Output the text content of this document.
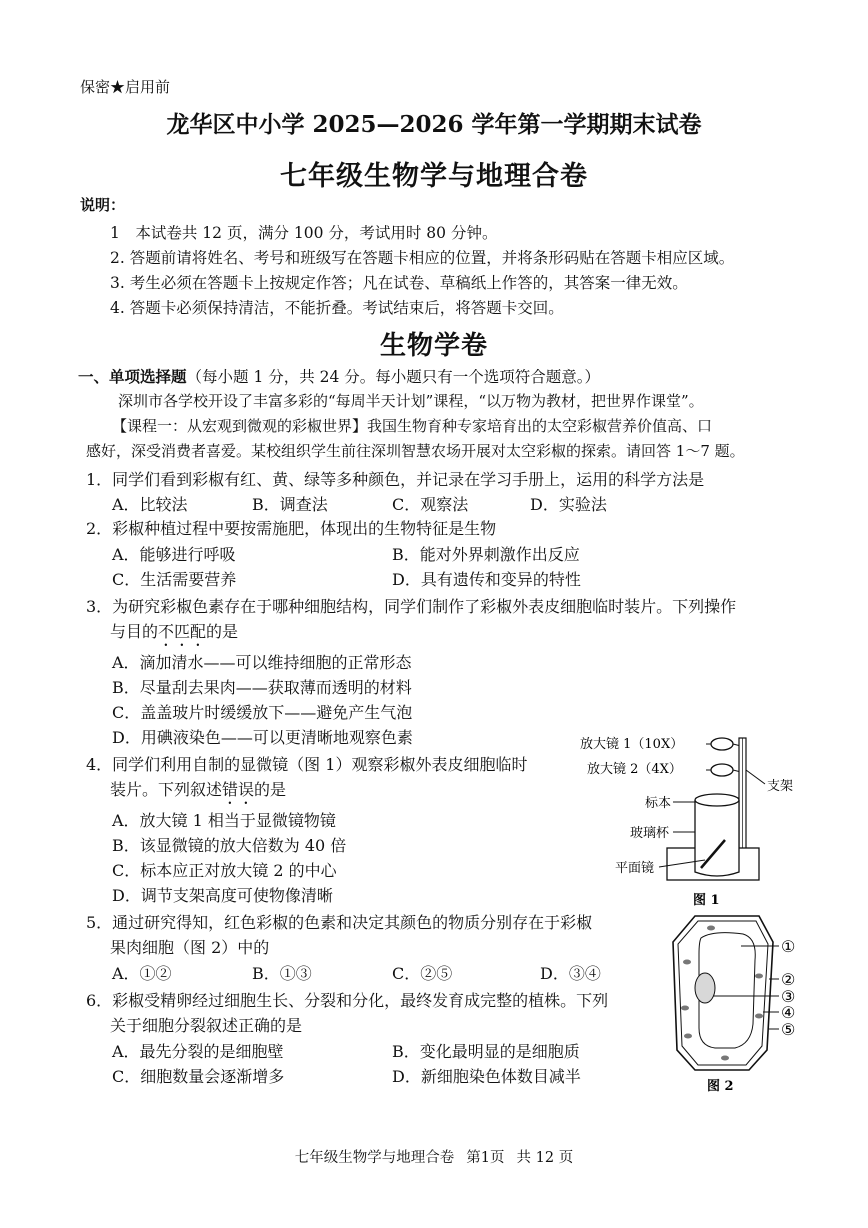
保密★启用前
龙华区中小学 2025—2026 学年第一学期期末试卷
七年级生物学与地理合卷
说明：
1　本试卷共 12 页，满分 100 分，考试用时 80 分钟。
2. 答题前请将姓名、考号和班级写在答题卡相应的位置，并将条形码贴在答题卡相应区域。
3. 考生必须在答题卡上按规定作答；凡在试卷、草稿纸上作答的，其答案一律无效。
4. 答题卡必须保持清洁，不能折叠。考试结束后，将答题卡交回。
生物学卷
一、单项选择题（每小题 1 分，共 24 分。每小题只有一个选项符合题意。）
深圳市各学校开设了丰富多彩的“每周半天计划”课程，“以万物为教材，把世界作课堂”。
【课程一：从宏观到微观的彩椒世界】我国生物育种专家培育出的太空彩椒营养价值高、口
感好，深受消费者喜爱。某校组织学生前往深圳智慧农场开展对太空彩椒的探索。请回答 1～7 题。
1．同学们看到彩椒有红、黄、绿等多种颜色，并记录在学习手册上，运用的科学方法是
A．比较法	B．调查法	C．观察法	D．实验法
2．彩椒种植过程中要按需施肥，体现出的生物特征是生物
A．能够进行呼吸	B．能对外界刺激作出反应
C．生活需要营养	D．具有遗传和变异的特性
3．为研究彩椒色素存在于哪种细胞结构，同学们制作了彩椒外表皮细胞临时装片。下列操作
与目的不匹配的是
A．滴加清水——可以维持细胞的正常形态
B．尽量刮去果肉——获取薄而透明的材料
C．盖盖玻片时缓缓放下——避免产生气泡
D．用碘液染色——可以更清晰地观察色素
4．同学们利用自制的显微镜（图 1）观察彩椒外表皮细胞临时
装片。下列叙述错误的是
A．放大镜 1 相当于显微镜物镜
B．该显微镜的放大倍数为 40 倍
C．标本应正对放大镜 2 的中心
D．调节支架高度可使物像清晰
5．通过研究得知，红色彩椒的色素和决定其颜色的物质分别存在于彩椒
果肉细胞（图 2）中的
A．①②	B．①③	C．②⑤	D．③④
6．彩椒受精卵经过细胞生长、分裂和分化，最终发育成完整的植株。下列
关于细胞分裂叙述正确的是
A．最先分裂的是细胞壁	B．变化最明显的是细胞质
C．细胞数量会逐渐增多	D．新细胞染色体数目减半
放大镜 1（10X）
放大镜 2（4X）
支架
标本
玻璃杯
平面镜
图 1
①
②
③
④
⑤
图 2
七年级生物学与地理合卷 第1页 共 12 页
